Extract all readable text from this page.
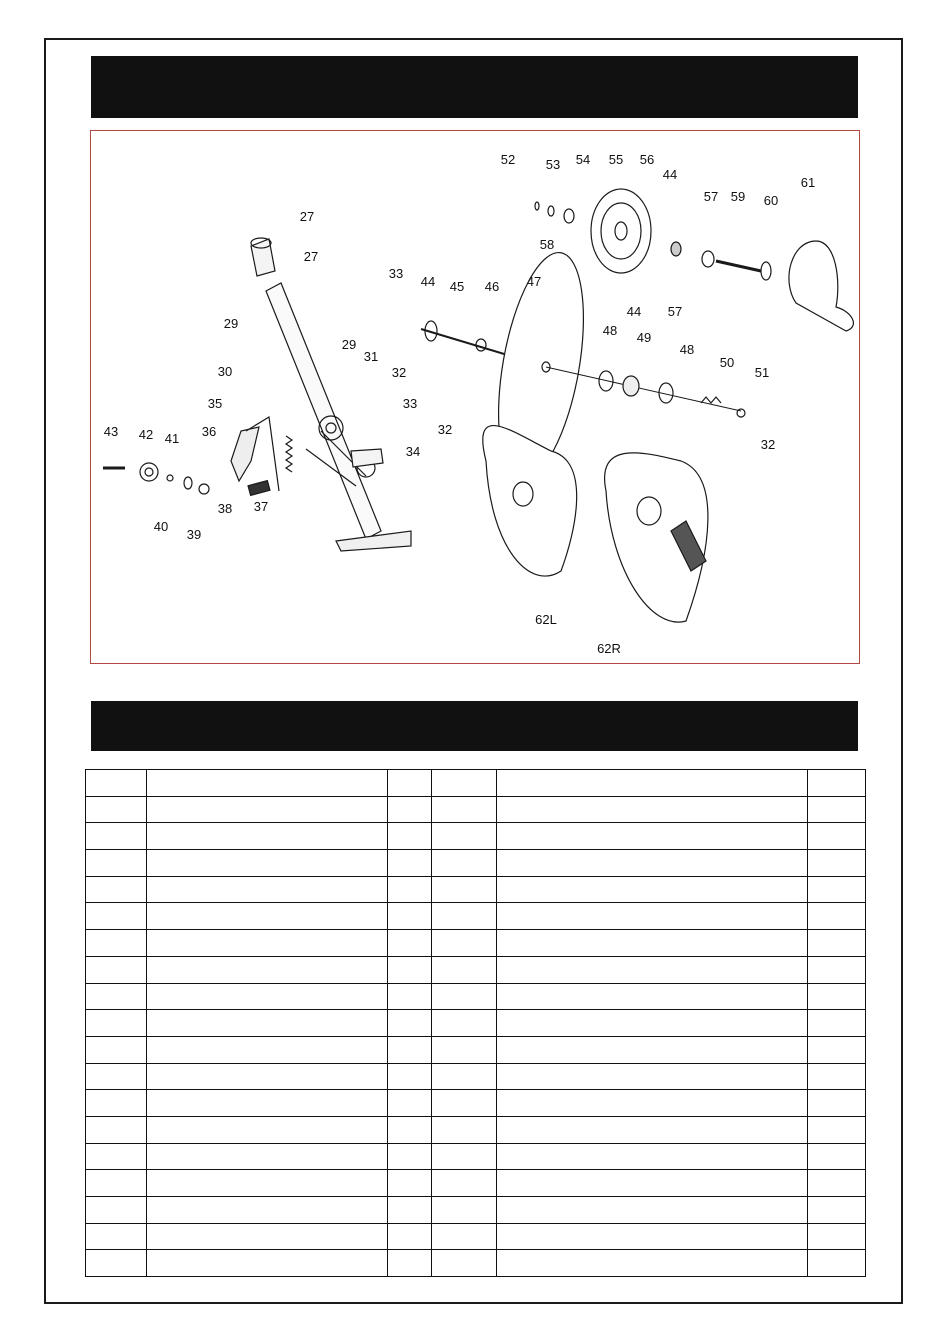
27
27
29
29
30
31
32
32
32
33
33
34
35
36
37
38
39
40
41
42
43
44
44
44
45 46 47
48
48
49
50
51
52 53 54 55 56
57
57
58
59 60
61
62L
62R
